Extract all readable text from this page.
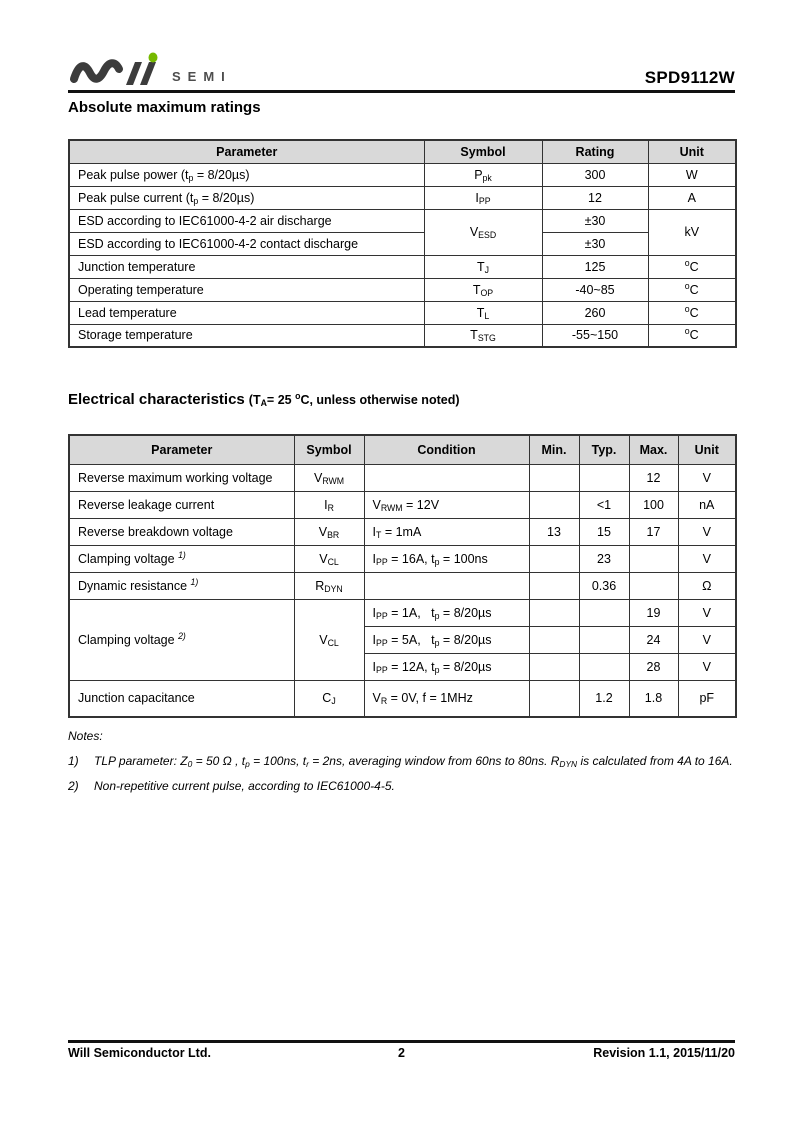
SEMI	SPD9112W
Absolute maximum ratings
Parameter	Symbol	Rating	Unit
Peak pulse power $(t_p = 8/20\mu s)$	$P_{pk}$	300	W
Peak pulse current $(t_p = 8/20\mu s)$	$I_{PP}$	12	A
ESD according to IEC61000-4-2 air discharge	$V_{ESD}$	±30	kV
ESD according to IEC61000-4-2 contact discharge		±30	
Junction temperature	$T_J$	125	$^o$C
Operating temperature	$T_{OP}$	-40~85	$^o$C
Lead temperature	$T_L$	260	$^o$C
Storage temperature	$T_{STG}$	-55~150	$^o$C
Electrical characteristics ($T_A= 25$ $^o$C, unless otherwise noted)
Parameter	Symbol	Condition	Min.	Typ.	Max.	Unit
Reverse maximum working voltage	$V_{RWM}$				12	V
Reverse leakage current	$I_R$	$V_{RWM} = 12V$		<1	100	nA
Reverse breakdown voltage	$V_{BR}$	$I_T = 1mA$	13	15	17	V
Clamping voltage $^{1)}$	$V_{CL}$	$I_{PP} = 16A$, $t_p = 100ns$		23		V
Dynamic resistance $^{1)}$	$R_{DYN}$			0.36		Ω
Clamping voltage $^{2)}$	$V_{CL}$	$I_{PP} = 1A$,   $t_p = 8/20\mu s$			19	V
		$I_{PP} = 5A$,   $t_p = 8/20\mu s$			24	V
		$I_{PP} = 12A$, $t_p = 8/20\mu s$			28	V
Junction capacitance	$C_J$	$V_R = 0V$, f = 1MHz		1.2	1.8	pF
Notes:
1)	TLP parameter: $Z_0 = 50$ Ω , $t_p = 100ns$, $t_r = 2ns$, averaging window from 60ns to 80ns. $R_{DYN}$ is calculated from 4A to 16A.
2)	Non-repetitive current pulse, according to IEC61000-4-5.
Will Semiconductor Ltd.	2	Revision 1.1, 2015/11/20
